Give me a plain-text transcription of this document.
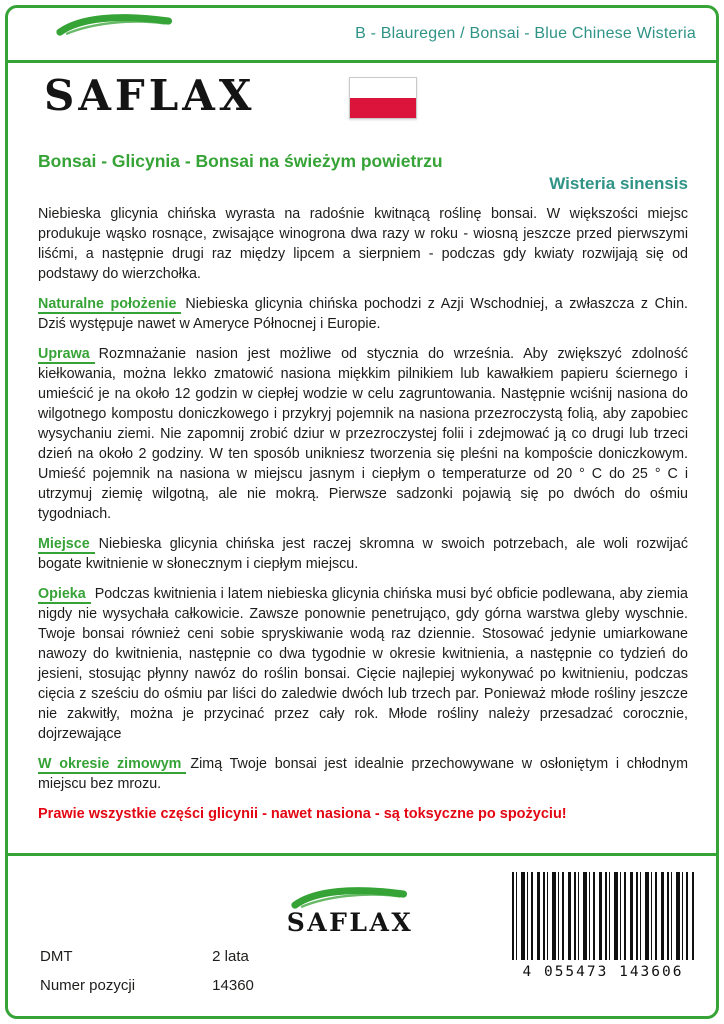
B - Blauregen / Bonsai - Blue Chinese Wisteria
SAFLAX
Bonsai - Glicynia - Bonsai na świeżym powietrzu
Wisteria sinensis

Niebieska glicynia chińska wyrasta na radośnie kwitnącą roślinę bonsai. W większości miejsc produkuje wąsko rosnące, zwisające winogrona dwa razy w roku - wiosną jeszcze przed pierwszymi liśćmi, a następnie drugi raz między lipcem a sierpniem - podczas gdy kwiaty rozwijają się od podstawy do wierzchołka.

Naturalne położenie Niebieska glicynia chińska pochodzi z Azji Wschodniej, a zwłaszcza z Chin. Dziś występuje nawet w Ameryce Północnej i Europie.

Uprawa Rozmnażanie nasion jest możliwe od stycznia do września. Aby zwiększyć zdolność kiełkowania, można lekko zmatowić nasiona miękkim pilnikiem lub kawałkiem papieru ściernego i umieścić je na około 12 godzin w ciepłej wodzie w celu zagruntowania. Następnie wciśnij nasiona do wilgotnego kompostu doniczkowego i przykryj pojemnik na nasiona przezroczystą folią, aby zapobiec wysychaniu ziemi. Nie zapomnij zrobić dziur w przezroczystej folii i zdejmować ją co drugi lub trzeci dzień na około 2 godziny. W ten sposób unikniesz tworzenia się pleśni na kompoście doniczkowym. Umieść pojemnik na nasiona w miejscu jasnym i ciepłym o temperaturze od 20 ° C do 25 ° C i utrzymuj ziemię wilgotną, ale nie mokrą. Pierwsze sadzonki pojawią się po dwóch do ośmiu tygodniach.

Miejsce Niebieska glicynia chińska jest raczej skromna w swoich potrzebach, ale woli rozwijać bogate kwitnienie w słonecznym i ciepłym miejscu.

Opieka Podczas kwitnienia i latem niebieska glicynia chińska musi być obficie podlewana, aby ziemia nigdy nie wysychała całkowicie. Zawsze ponownie penetrująco, gdy górna warstwa gleby wyschnie. Twoje bonsai również ceni sobie spryskiwanie wodą raz dziennie. Stosować jedynie umiarkowane nawozy do kwitnienia, następnie co dwa tygodnie w okresie kwitnienia, a następnie co tydzień do jesieni, stosując płynny nawóz do roślin bonsai. Cięcie najlepiej wykonywać po kwitnieniu, podczas cięcia z sześciu do ośmiu par liści do zaledwie dwóch lub trzech par. Ponieważ młode rośliny jeszcze nie zakwitły, można je przycinać przez cały rok. Młode rośliny należy przesadzać corocznie, dojrzewające

W okresie zimowym Zimą Twoje bonsai jest idealnie przechowywane w osłoniętym i chłodnym miejscu bez mrozu.

Prawie wszystkie części glicynii - nawet nasiona - są toksyczne po spożyciu!

DMT	2 lata
Numer pozycji	14360
SAFLAX
4 055473 143606
